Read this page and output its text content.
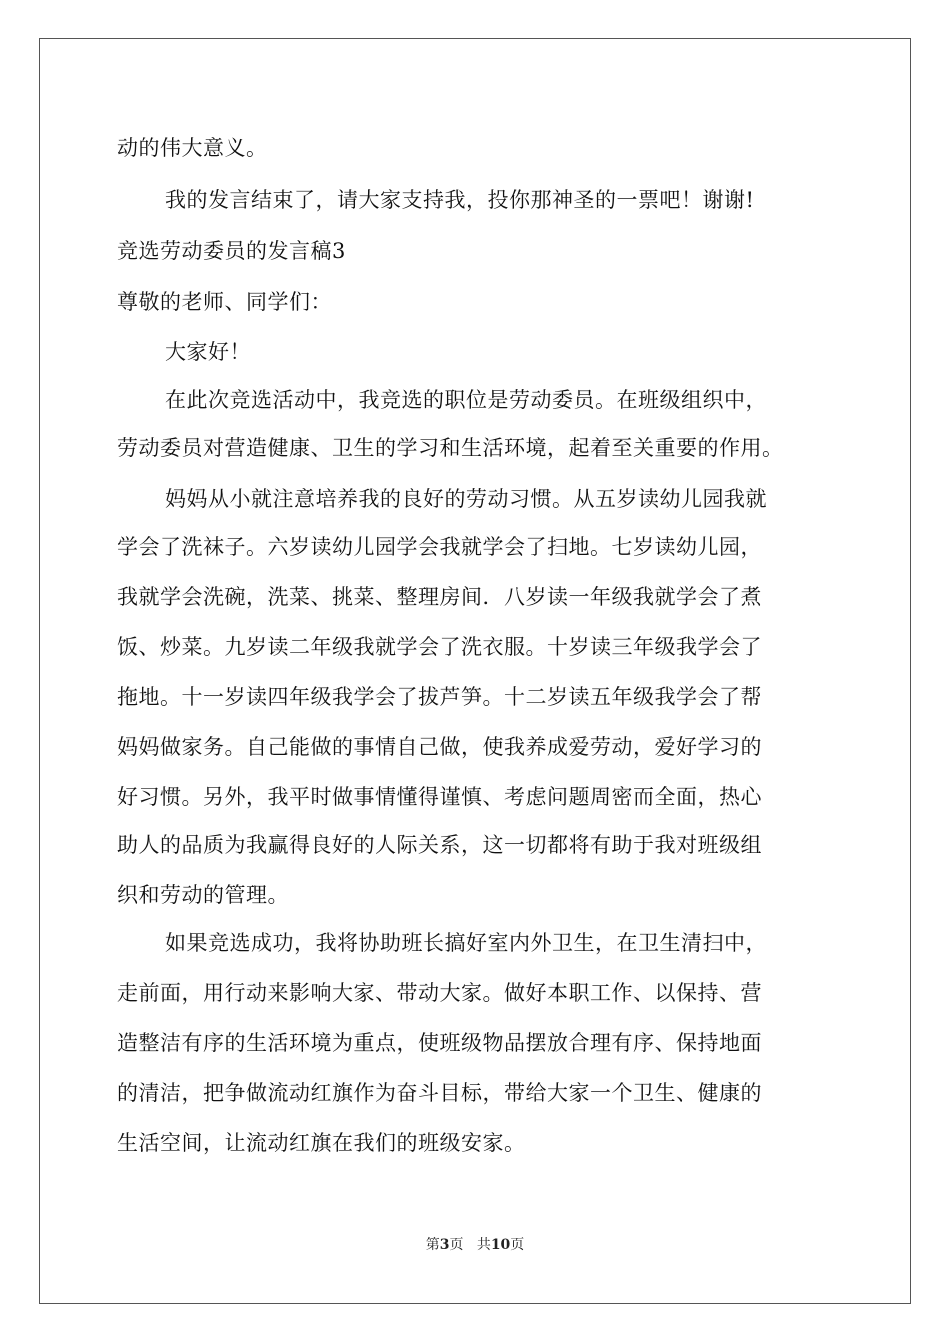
动的伟大意义。
我的发言结束了，请大家支持我，投你那神圣的一票吧！谢谢!
竞选劳动委员的发言稿3
尊敬的老师、同学们：
大家好！
在此次竞选活动中，我竞选的职位是劳动委员。在班级组织中，
劳动委员对营造健康、卫生的学习和生活环境，起着至关重要的作用。
妈妈从小就注意培养我的良好的劳动习惯。从五岁读幼儿园我就
学会了洗袜子。六岁读幼儿园学会我就学会了扫地。七岁读幼儿园，
我就学会洗碗，洗菜、挑菜、整理房间．八岁读一年级我就学会了煮
饭、炒菜。九岁读二年级我就学会了洗衣服。十岁读三年级我学会了
拖地。十一岁读四年级我学会了拔芦笋。十二岁读五年级我学会了帮
妈妈做家务。自己能做的事情自己做，使我养成爱劳动，爱好学习的
好习惯。另外，我平时做事情懂得谨慎、考虑问题周密而全面，热心
助人的品质为我赢得良好的人际关系，这一切都将有助于我对班级组
织和劳动的管理。
如果竞选成功，我将协助班长搞好室内外卫生，在卫生清扫中，
走前面，用行动来影响大家、带动大家。做好本职工作、以保持、营
造整洁有序的生活环境为重点，使班级物品摆放合理有序、保持地面
的清洁，把争做流动红旗作为奋斗目标，带给大家一个卫生、健康的
生活空间，让流动红旗在我们的班级安家。
第3页 共10页
